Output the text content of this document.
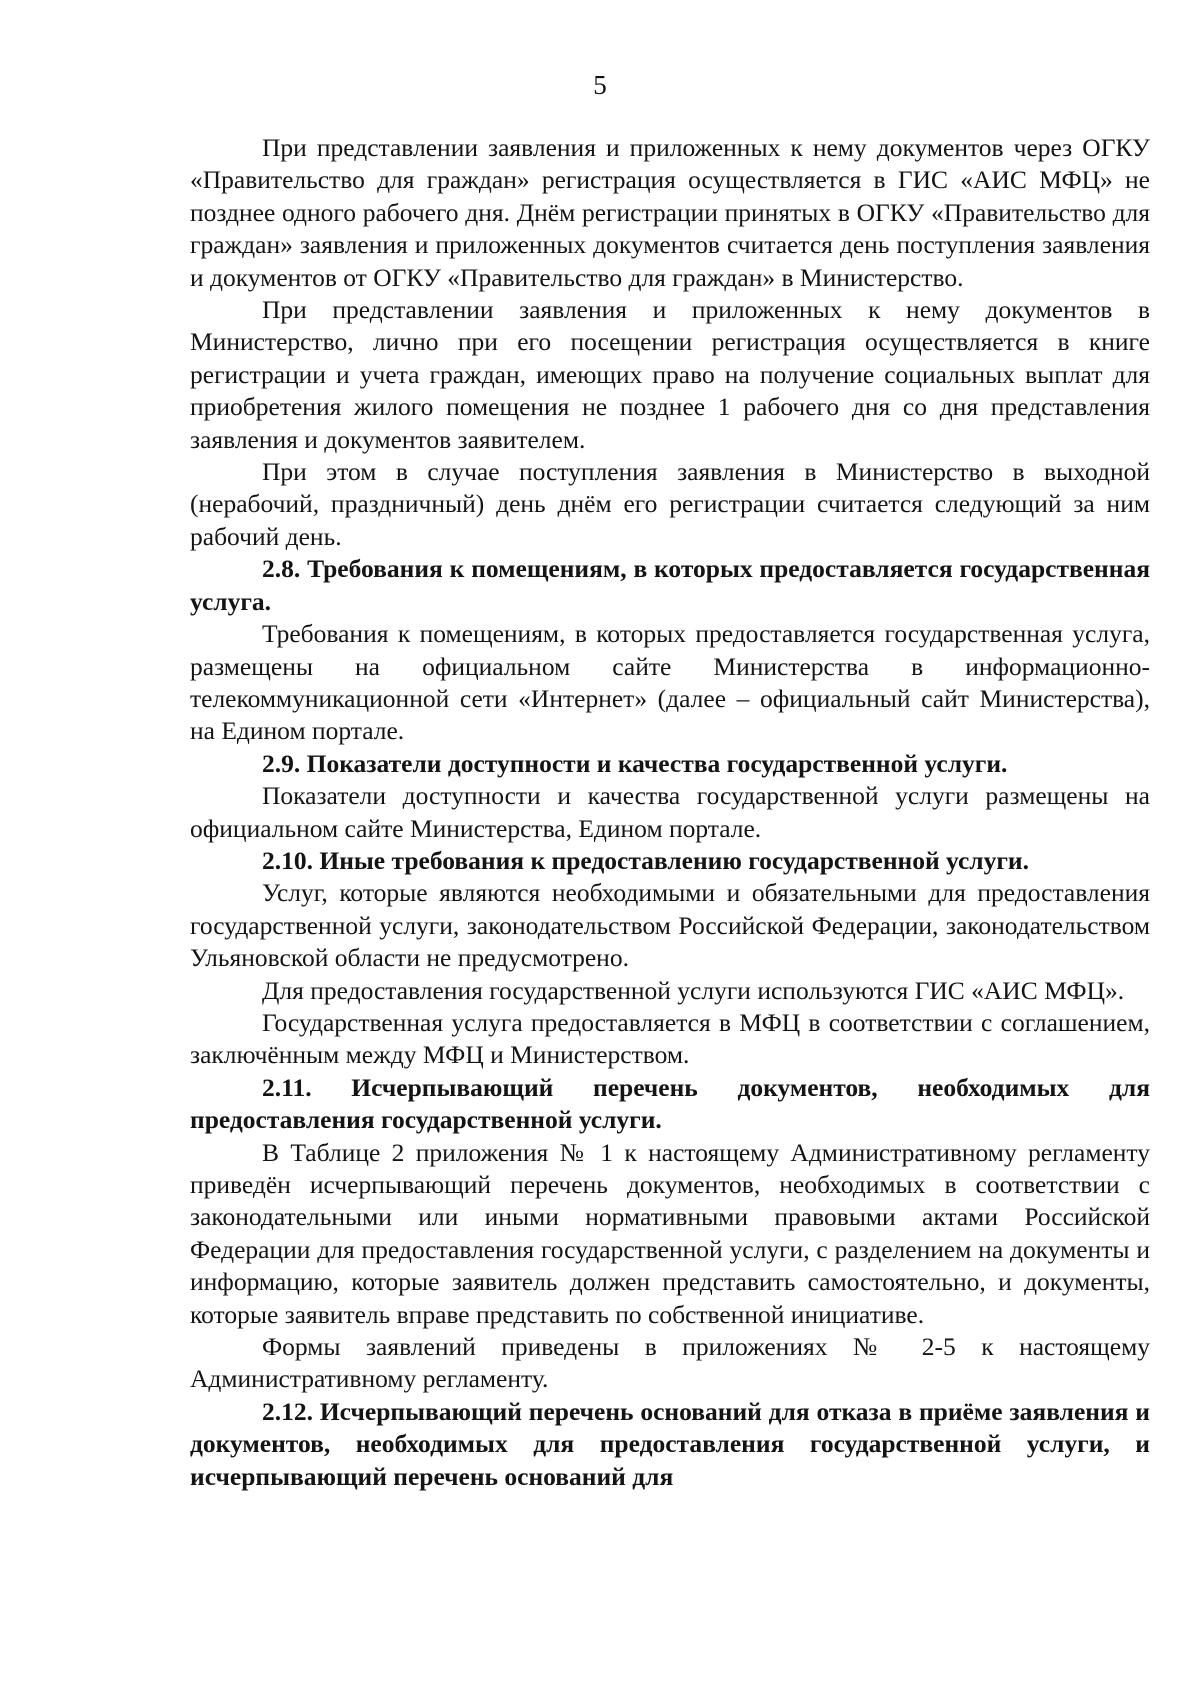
5

При представлении заявления и приложенных к нему документов через ОГКУ «Правительство для граждан» регистрация осуществляется в ГИС «АИС МФЦ» не позднее одного рабочего дня. Днём регистрации принятых в ОГКУ «Правительство для граждан» заявления и приложенных документов считается день поступления заявления и документов от ОГКУ «Правительство для граждан» в Министерство.

При представлении заявления и приложенных к нему документов в Министерство, лично при его посещении регистрация осуществляется в книге регистрации и учета граждан, имеющих право на получение социальных выплат для приобретения жилого помещения не позднее 1 рабочего дня со дня представления заявления и документов заявителем.

При этом в случае поступления заявления в Министерство в выходной (нерабочий, праздничный) день днём его регистрации считается следующий за ним рабочий день.

2.8. Требования к помещениям, в которых предоставляется государственная услуга.

Требования к помещениям, в которых предоставляется государственная услуга, размещены на официальном сайте Министерства в информационно-телекоммуникационной сети «Интернет» (далее – официальный сайт Министерства), на Едином портале.

2.9. Показатели доступности и качества государственной услуги.

Показатели доступности и качества государственной услуги размещены на официальном сайте Министерства, Едином портале.

2.10. Иные требования к предоставлению государственной услуги.

Услуг, которые являются необходимыми и обязательными для предоставления государственной услуги, законодательством Российской Федерации, законодательством Ульяновской области не предусмотрено.

Для предоставления государственной услуги используются ГИС «АИС МФЦ».

Государственная услуга предоставляется в МФЦ в соответствии с соглашением, заключённым между МФЦ и Министерством.

2.11. Исчерпывающий перечень документов, необходимых для предоставления государственной услуги.

В Таблице 2 приложения № 1 к настоящему Административному регламенту приведён исчерпывающий перечень документов, необходимых в соответствии с законодательными или иными нормативными правовыми актами Российской Федерации для предоставления государственной услуги, с разделением на документы и информацию, которые заявитель должен представить самостоятельно, и документы, которые заявитель вправе представить по собственной инициативе.

Формы заявлений приведены в приложениях № 2-5 к настоящему Административному регламенту.

2.12. Исчерпывающий перечень оснований для отказа в приёме заявления и документов, необходимых для предоставления государственной услуги, и исчерпывающий перечень оснований для
